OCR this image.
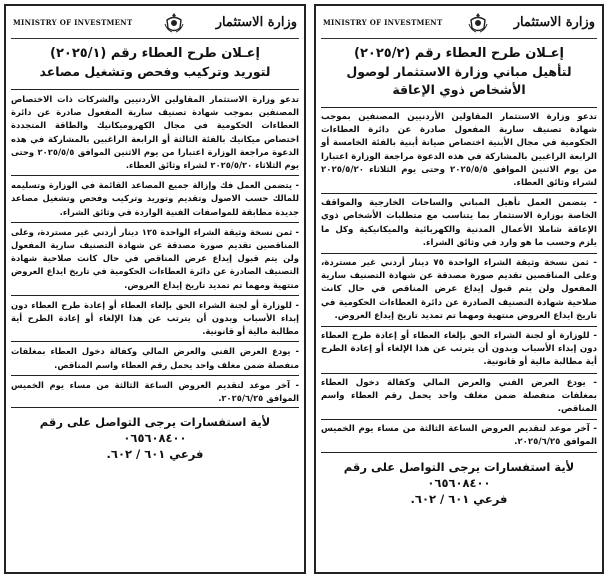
MINISTRY OF INVESTMENT	وزارة الاستثمار
إعـلان طرح العطاء رقم (٢٠٢٥/٢)
لتأهيل مباني وزارة الاستثمار لوصول الأشخاص ذوي الإعاقة

تدعو وزارة الاستثمار المقاولين الأردنيين المصنفين بموجب شهادة تصنيف سارية المفعول صادرة عن دائرة العطاءات الحكومية في مجال الأبنية اختصاص صيانة أبنية بالفئة الخامسة أو الرابعة الراغبين بالمشاركة في هذه الدعوة مراجعة الوزارة اعتبارا من يوم الاثنين الموافق ٢٠٢٥/٥/٥ وحتى يوم الثلاثاء ٢٠٢٥/٥/٢٠ لشراء وثائق العطاء.

- يتضمن العمل تأهيل المباني والساحات الخارجية والمواقف الخاصة بوزارة الاستثمار بما يتناسب مع متطلبات الأشخاص ذوي الإعاقة شاملا الأعمال المدنية والكهربائية والميكانيكية وكل ما يلزم وحسب ما هو وارد في وثائق الشراء.

- ثمن نسخة وثيقة الشراء الواحدة ٧٥ دينار أردني غير مستردة، وعلى المناقصين تقديم صورة مصدقة عن شهادة التصنيف سارية المفعول ولن يتم قبول إيداع عرض المناقص في حال كانت صلاحية شهادة التصنيف الصادرة عن دائرة العطاءات الحكومية في تاريخ ايداع العروض منتهية ومهما تم تمديد تاريخ إيداع العروض.

- للوزارة أو لجنة الشراء الحق بإلغاء العطاء أو إعادة طرح العطاء دون إبداء الأسباب وبدون أن يترتب عن هذا الإلغاء أو إعادة الطرح أية مطالبة مالية أو قانونية.

- يودع العرض الفني والعرض المالي وكفالة دخول العطاء بمغلفات منفصلة ضمن مغلف واحد يحمل رقم العطاء واسم المناقص.

- آخر موعد لتقديم العروض الساعة الثالثة من مساء يوم الخميس الموافق ٢٠٢٥/٦/٢٥.

لأية استفسارات يرجى التواصل على رقم ٠٦٥٦٠٨٤٠٠
فرعي ٦٠١ / ٦٠٢.
MINISTRY OF INVESTMENT	وزارة الاستثمار
إعـلان طرح العطاء رقم (٢٠٢٥/١)
لتوريد وتركيب وفحص وتشغيل مصاعد

تدعو وزارة الاستثمار المقاولين الأردنيين والشركات ذات الاختصاص المصنفين بموجب شهادة تصنيف سارية المفعول صادرة عن دائرة العطاءات الحكومية في مجال الكهروميكانيك والطاقة المتجددة اختصاص ميكانيك بالفئة الثالثة أو الرابعة الراغبين بالمشاركة في هذه الدعوة مراجعة الوزارة اعتبارا من يوم الاثنين الموافق ٢٠٢٥/٥/٥ وحتى يوم الثلاثاء ٢٠٢٥/٥/٢٠ لشراء وثائق العطاء.

- يتضمن العمل فك وإزالة جميع المصاعد القائمة في الوزارة وتسليمه للمالك حسب الاصول وتقديم وتوريد وتركيب وفحص وتشغيل مصاعد جديدة مطابقة للمواصفات الفنية الواردة في وثائق الشراء.

- ثمن نسخة وثيقة الشراء الواحدة ١٢٥ دينار أردني غير مستردة، وعلى المناقصين تقديم صورة مصدقة عن شهادة التصنيف سارية المفعول ولن يتم قبول إيداع عرض المناقص في حال كانت صلاحية شهادة التصنيف الصادرة عن دائرة العطاءات الحكومية في تاريخ ايداع العروض منتهية ومهما تم تمديد تاريخ إيداع العروض.

- للوزارة أو لجنة الشراء الحق بإلغاء العطاء أو إعادة طرح العطاء دون إبداء الأسباب وبدون أن يترتب عن هذا الإلغاء أو إعادة الطرح أية مطالبة مالية أو قانونية.

- يودع العرض الفني والعرض المالي وكفالة دخول العطاء بمغلفات منفصلة ضمن مغلف واحد يحمل رقم العطاء واسم المناقص.

- آخر موعد لتقديم العروض الساعة الثالثة من مساء يوم الخميس الموافق ٢٠٢٥/٦/٢٥.

لأية استفسارات يرجى التواصل على رقم ٠٦٥٦٠٨٤٠٠
فرعي ٦٠١ / ٦٠٢.
